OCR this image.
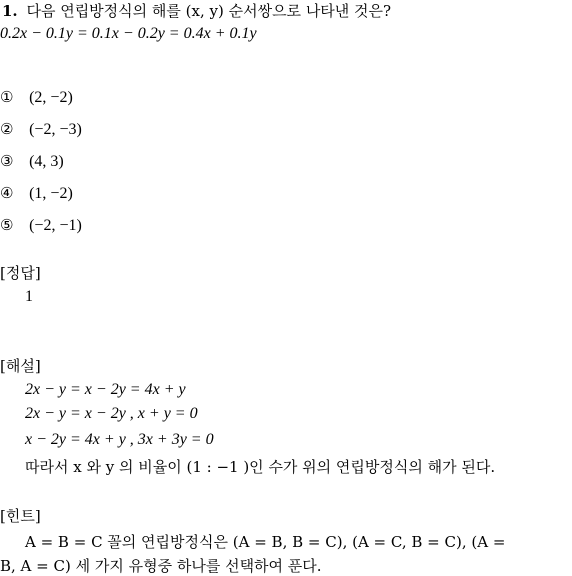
1. 다음 연립방정식의 해를 (x, y) 순서쌍으로 나타낸 것은?
0.2x − 0.1y = 0.1x − 0.2y = 0.4x + 0.1y
① (2, −2)
② (−2, −3)
③ (4, 3)
④ (1, −2)
⑤ (−2, −1)
[정답]
1
[해설]
2x − y = x − 2y = 4x + y
2x − y = x − 2y , x + y = 0
x − 2y = 4x + y , 3x + 3y = 0
따라서 x 와 y 의 비율이 (1 : −1 )인 수가 위의 연립방정식의 해가 된다.
[힌트]
A = B = C 꼴의 연립방정식은 (A = B, B = C), (A = C, B = C), (A =
B, A = C) 세 가지 유형중 하나를 선택하여 푼다.
